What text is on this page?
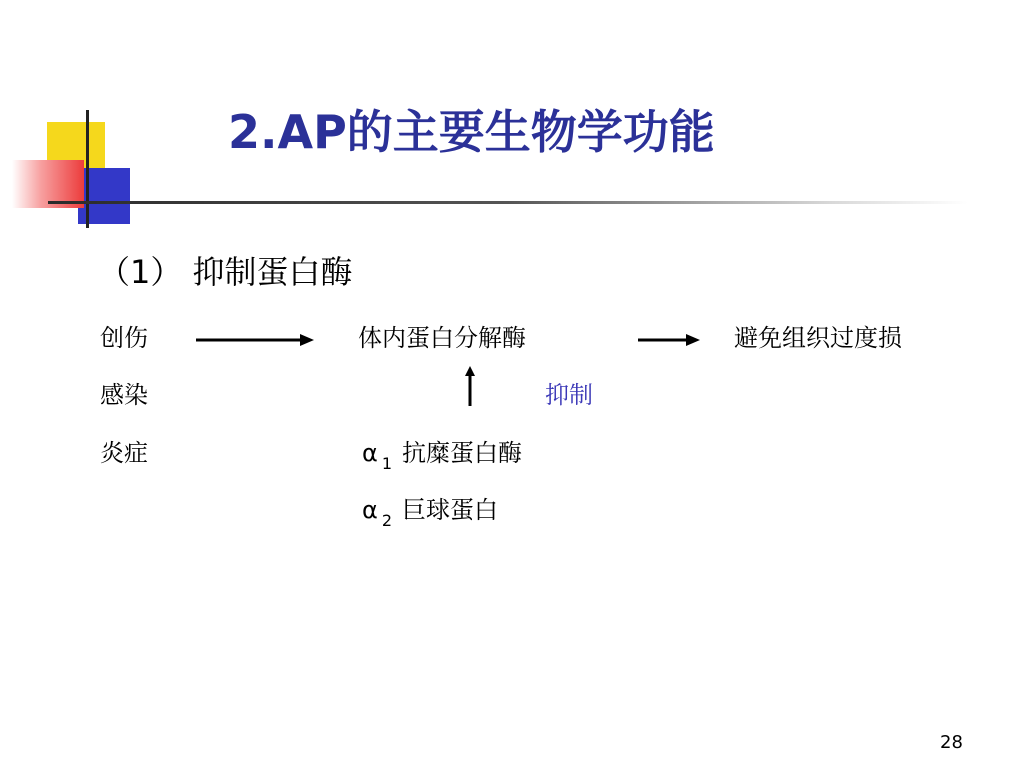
2.AP的主要生物学功能
（1） 抑制蛋白酶
创伤
感染
炎症
体内蛋白分解酶	避免组织过度损
抑制
α $_1$ 抗糜蛋白酶
α $_2$ 巨球蛋白
28
